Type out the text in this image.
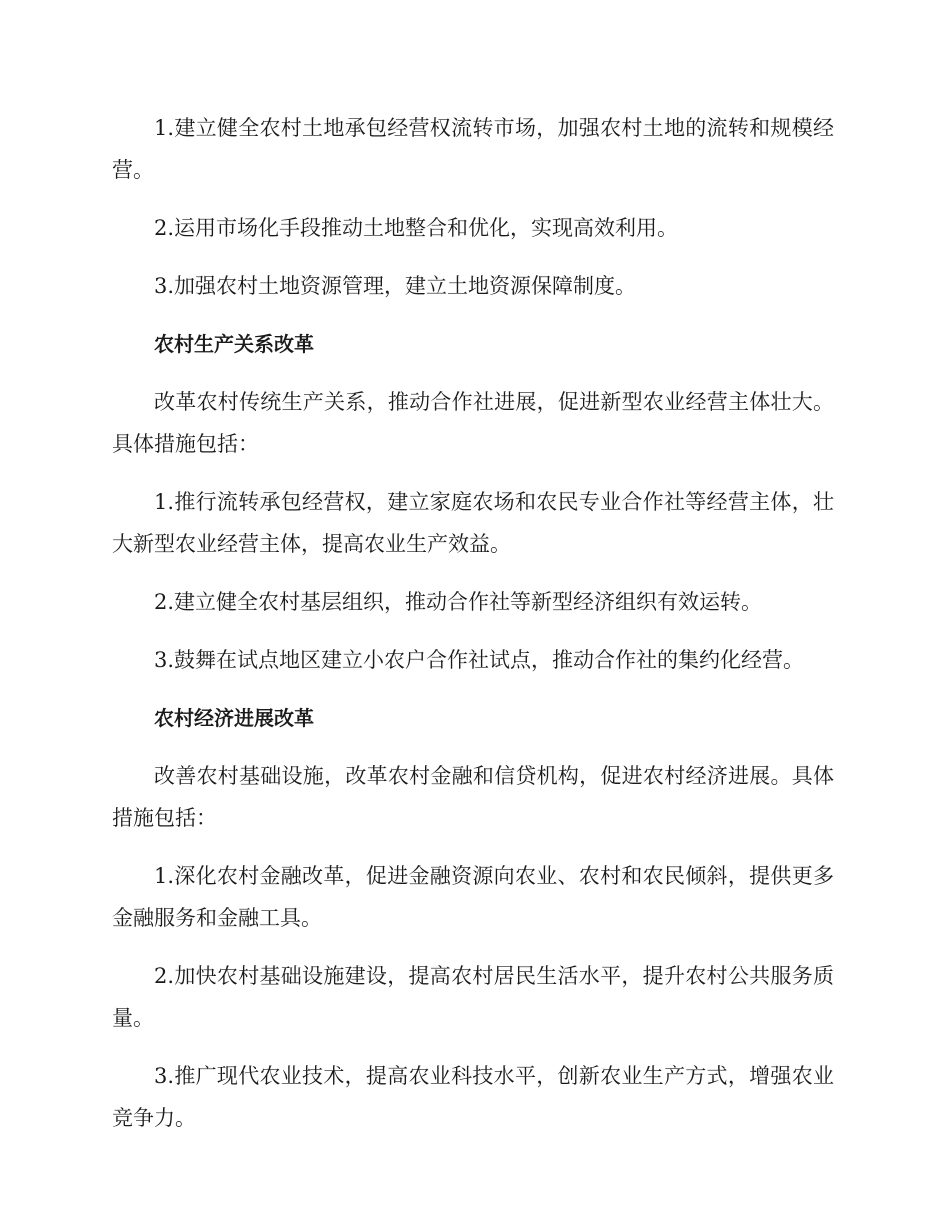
1.建立健全农村土地承包经营权流转市场，加强农村土地的流转和规模经营。

2.运用市场化手段推动土地整合和优化，实现高效利用。

3.加强农村土地资源管理，建立土地资源保障制度。

农村生产关系改革

改革农村传统生产关系，推动合作社进展，促进新型农业经营主体壮大。具体措施包括：

1.推行流转承包经营权，建立家庭农场和农民专业合作社等经营主体，壮大新型农业经营主体，提高农业生产效益。

2.建立健全农村基层组织，推动合作社等新型经济组织有效运转。

3.鼓舞在试点地区建立小农户合作社试点，推动合作社的集约化经营。

农村经济进展改革

改善农村基础设施，改革农村金融和信贷机构，促进农村经济进展。具体措施包括：

1.深化农村金融改革，促进金融资源向农业、农村和农民倾斜，提供更多金融服务和金融工具。

2.加快农村基础设施建设，提高农村居民生活水平，提升农村公共服务质量。

3.推广现代农业技术，提高农业科技水平，创新农业生产方式，增强农业竞争力。
